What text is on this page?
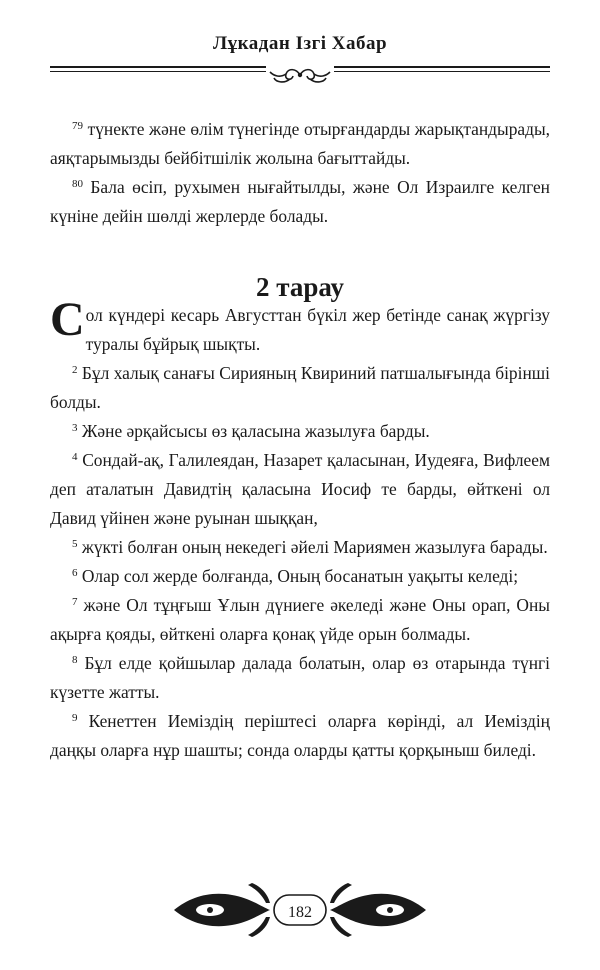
Лұкадан Ізгі Хабар

$^{79}$ түнекте және өлім түнегінде отырғандарды жарықтандырады, аяқтарымызды бейбітшілік жолына бағыттайды.

$^{80}$ Бала өсіп, рухымен нығайтылды, және Ол Израилге келген күніне дейін шөлді жерлерде болады.

2 тарау

Сол күндері кесарь Августтан бүкіл жер бетінде санақ жүргізу туралы бұйрық шықты.

$^2$ Бұл халық санағы Сирияның Квириний патшалығында бірінші болды.

$^3$ Және әрқайсысы өз қаласына жазылуға барды.

$^4$ Сондай-ақ, Галилеядан, Назарет қаласынан, Иудеяға, Вифлеем деп аталатын Давидтің қаласына Иосиф те барды, өйткені ол Давид үйінен және руынан шыққан,

$^5$ жүкті болған оның некедегі әйелі Мариямен жазылуға барады.

$^6$ Олар сол жерде болғанда, Оның босанатын уақыты келеді;

$^7$ және Ол тұңғыш Ұлын дүниеге әкеледі және Оны орап, Оны ақырға қояды, өйткені оларға қонақ үйде орын болмады.

$^8$ Бұл елде қойшылар далада болатын, олар өз отарында түнгі күзетте жатты.

$^9$ Кенеттен Иеміздің періштесі оларға көрінді, ал Иеміздің даңқы оларға нұр шашты; сонда оларды қатты қорқыныш биледі.

182
